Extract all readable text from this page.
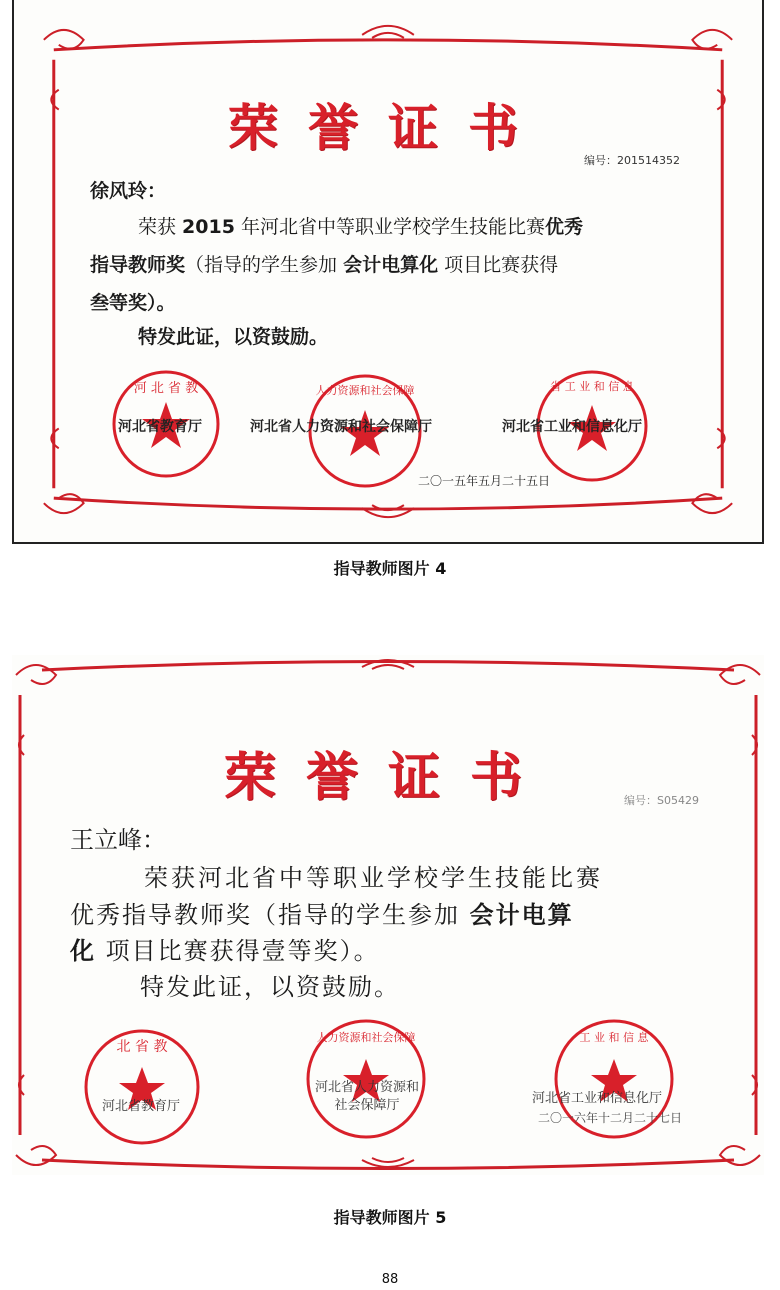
荣誉证书
编号：201514352
徐风玲：
荣获 2015 年河北省中等职业学校学生技能比赛优秀
指导教师奖（指导的学生参加 会计电算化 项目比赛获得
叁等奖）。
特发此证，以资鼓励。
河 北 省 教	人力资源和社会保障	省 工 业 和 信 息
河北省教育厅	河北省人力资源和社会保障厅	河北省工业和信息化厅
二〇一五年五月二十五日
指导教师图片 4
荣誉证书	编号：S05429
王立峰：
荣获河北省中等职业学校学生技能比赛
优秀指导教师奖（指导的学生参加 会计电算
化 项目比赛获得壹等奖）。
特发此证，以资鼓励。
北 省 教
人力资源和社会保障	工 业 和 信 息
河北省教育厅
河北省人力资源和社会保障厅	河北省工业和信息化厅
二〇一六年十二月二十七日
指导教师图片 5
88
